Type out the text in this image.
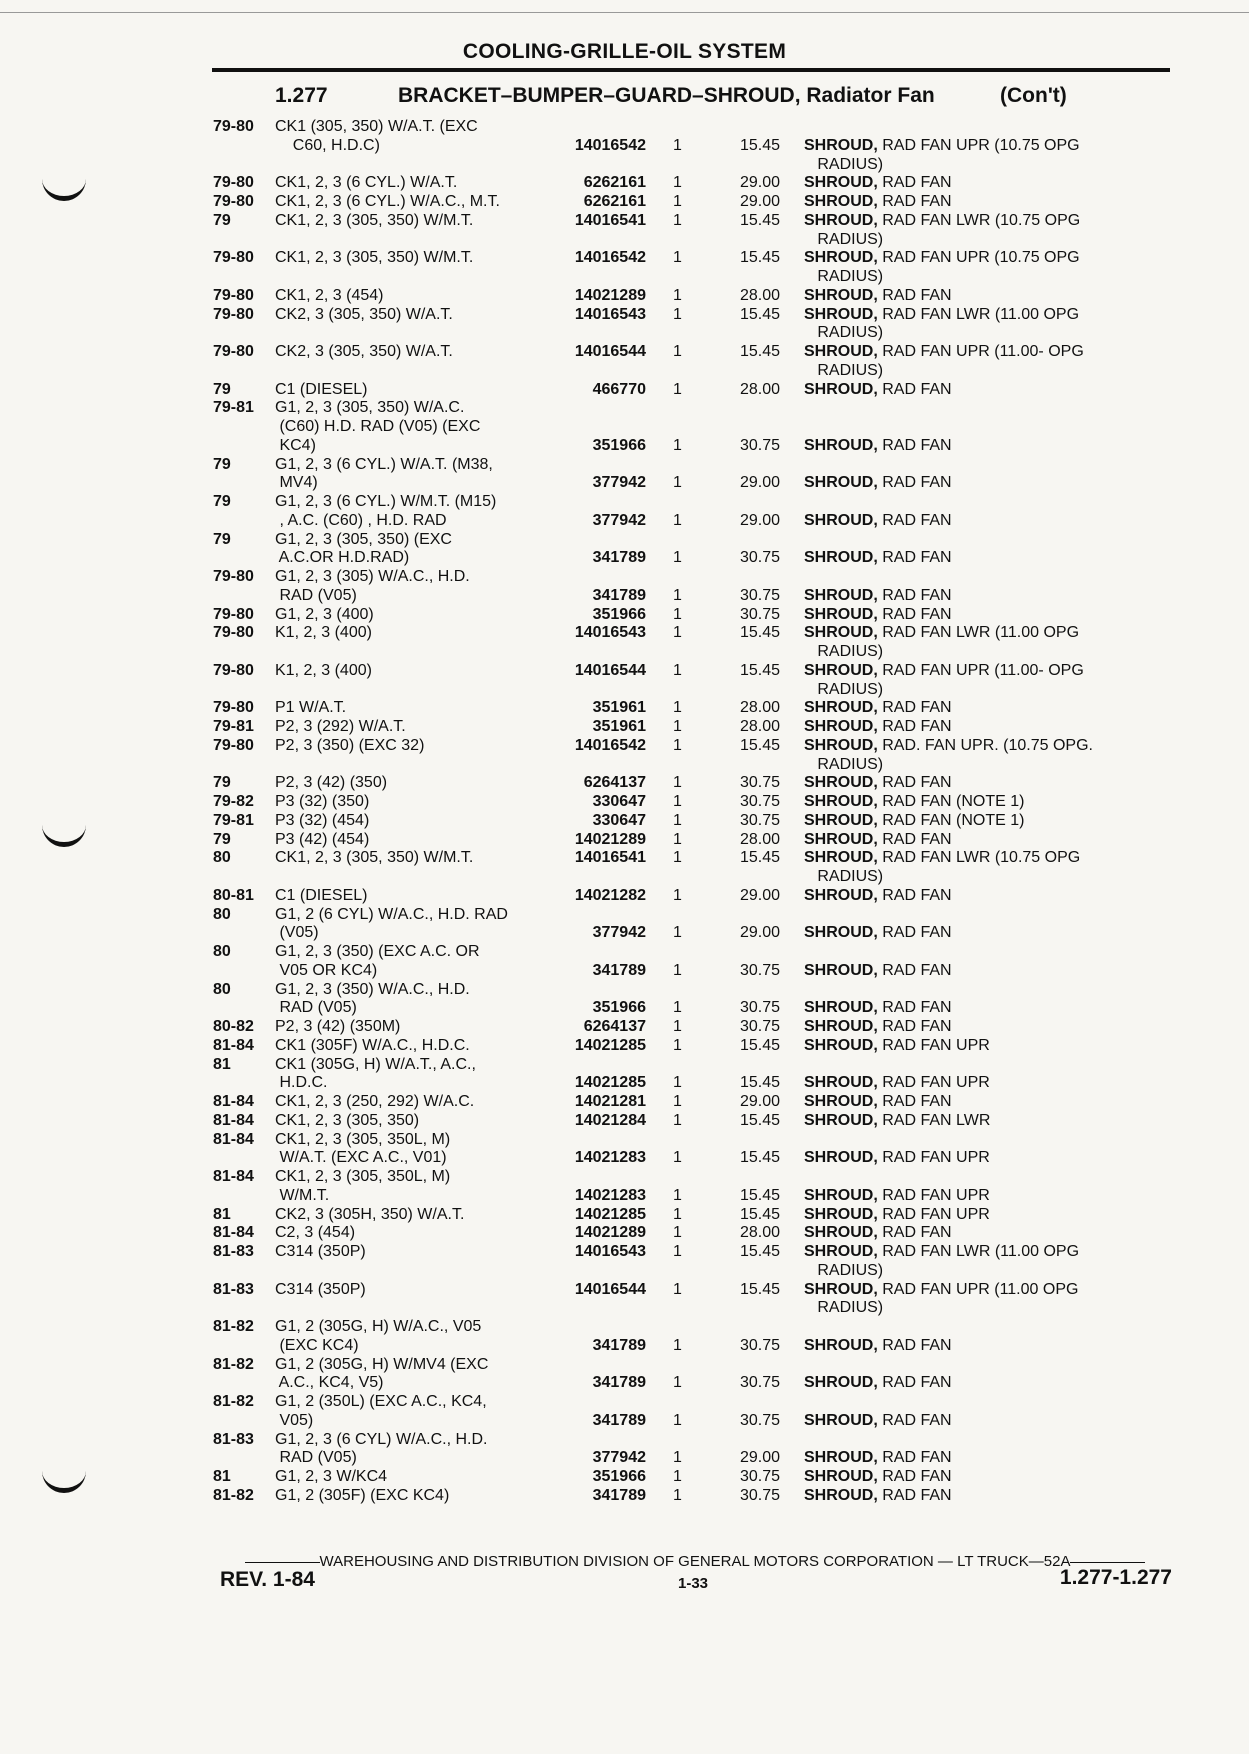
COOLING-GRILLE-OIL SYSTEM
1.277	BRACKET–BUMPER–GUARD–SHROUD, Radiator Fan	(Con't)
79-80 CK1 (305, 350) W/A.T. (EXC
C60, H.D.C)	14016542 1	15.45 SHROUD, RAD FAN UPR (10.75 OPG
RADIUS)
79-80 CK1, 2, 3 (6 CYL.) W/A.T.	6262161 1	29.00 SHROUD, RAD FAN
79-80 CK1, 2, 3 (6 CYL.) W/A.C., M.T.	6262161 1	29.00 SHROUD, RAD FAN
79	CK1, 2, 3 (305, 350) W/M.T.	14016541 1	15.45 SHROUD, RAD FAN LWR (10.75 OPG
RADIUS)
79-80 CK1, 2, 3 (305, 350) W/M.T.	14016542 1	15.45 SHROUD, RAD FAN UPR (10.75 OPG
RADIUS)
79-80 CK1, 2, 3 (454)	14021289 1	28.00 SHROUD, RAD FAN
79-80 CK2, 3 (305, 350) W/A.T.	14016543 1	15.45 SHROUD, RAD FAN LWR (11.00 OPG
RADIUS)
79-80 CK2, 3 (305, 350) W/A.T.	14016544 1	15.45 SHROUD, RAD FAN UPR (11.00- OPG
RADIUS)
79	C1 (DIESEL)	466770 1	28.00 SHROUD, RAD FAN
79-81 G1, 2, 3 (305, 350) W/A.C.
(C60) H.D. RAD (V05) (EXC
KC4)	351966 1	30.75 SHROUD, RAD FAN
79	G1, 2, 3 (6 CYL.) W/A.T. (M38,
MV4)	377942 1	29.00 SHROUD, RAD FAN
79	G1, 2, 3 (6 CYL.) W/M.T. (M15)
, A.C. (C60) , H.D. RAD	377942 1	29.00 SHROUD, RAD FAN
79	G1, 2, 3 (305, 350) (EXC
A.C.OR H.D.RAD)	341789 1	30.75 SHROUD, RAD FAN
79-80 G1, 2, 3 (305) W/A.C., H.D.
RAD (V05)	341789 1	30.75 SHROUD, RAD FAN
79-80 G1, 2, 3 (400)	351966 1	30.75 SHROUD, RAD FAN
79-80 K1, 2, 3 (400)	14016543 1	15.45 SHROUD, RAD FAN LWR (11.00 OPG
RADIUS)
79-80 K1, 2, 3 (400)	14016544 1	15.45 SHROUD, RAD FAN UPR (11.00- OPG
RADIUS)
79-80 P1 W/A.T.	351961 1	28.00 SHROUD, RAD FAN
79-81 P2, 3 (292) W/A.T.	351961 1	28.00 SHROUD, RAD FAN
79-80 P2, 3 (350) (EXC 32)	14016542 1	15.45 SHROUD, RAD. FAN UPR. (10.75 OPG.
RADIUS)
79	P2, 3 (42) (350)	6264137 1	30.75 SHROUD, RAD FAN
79-82 P3 (32) (350)	330647 1	30.75 SHROUD, RAD FAN (NOTE 1)
79-81 P3 (32) (454)	330647 1	30.75 SHROUD, RAD FAN (NOTE 1)
79	P3 (42) (454)	14021289 1	28.00 SHROUD, RAD FAN
80	CK1, 2, 3 (305, 350) W/M.T.	14016541 1	15.45 SHROUD, RAD FAN LWR (10.75 OPG
RADIUS)
80-81 C1 (DIESEL)	14021282 1	29.00 SHROUD, RAD FAN
80	G1, 2 (6 CYL) W/A.C., H.D. RAD
(V05)	377942 1	29.00 SHROUD, RAD FAN
80	G1, 2, 3 (350) (EXC A.C. OR
V05 OR KC4)	341789 1	30.75 SHROUD, RAD FAN
80	G1, 2, 3 (350) W/A.C., H.D.
RAD (V05)	351966 1	30.75 SHROUD, RAD FAN
80-82 P2, 3 (42) (350M)	6264137 1	30.75 SHROUD, RAD FAN
81-84 CK1 (305F) W/A.C., H.D.C.	14021285 1	15.45 SHROUD, RAD FAN UPR
81	CK1 (305G, H) W/A.T., A.C.,
H.D.C.	14021285 1	15.45 SHROUD, RAD FAN UPR
81-84 CK1, 2, 3 (250, 292) W/A.C.	14021281 1	29.00 SHROUD, RAD FAN
81-84 CK1, 2, 3 (305, 350)	14021284 1	15.45 SHROUD, RAD FAN LWR
81-84 CK1, 2, 3 (305, 350L, M)
W/A.T. (EXC A.C., V01)	14021283 1	15.45 SHROUD, RAD FAN UPR
81-84 CK1, 2, 3 (305, 350L, M)
W/M.T.	14021283 1	15.45 SHROUD, RAD FAN UPR
81	CK2, 3 (305H, 350) W/A.T.	14021285 1	15.45 SHROUD, RAD FAN UPR
81-84 C2, 3 (454)	14021289 1	28.00 SHROUD, RAD FAN
81-83 C314 (350P)	14016543 1	15.45 SHROUD, RAD FAN LWR (11.00 OPG
RADIUS)
81-83 C314 (350P)	14016544 1	15.45 SHROUD, RAD FAN UPR (11.00 OPG
RADIUS)
81-82 G1, 2 (305G, H) W/A.C., V05
(EXC KC4)	341789 1	30.75 SHROUD, RAD FAN
81-82 G1, 2 (305G, H) W/MV4 (EXC
A.C., KC4, V5)	341789 1	30.75 SHROUD, RAD FAN
81-82 G1, 2 (350L) (EXC A.C., KC4,
V05)	341789 1	30.75 SHROUD, RAD FAN
81-83 G1, 2, 3 (6 CYL) W/A.C., H.D.
RAD (V05)	377942 1	29.00 SHROUD, RAD FAN
81	G1, 2, 3 W/KC4	351966 1	30.75 SHROUD, RAD FAN
81-82 G1, 2 (305F) (EXC KC4)	341789 1	30.75 SHROUD, RAD FAN
WAREHOUSING AND DISTRIBUTION DIVISION OF GENERAL MOTORS CORPORATION — LT TRUCK—52A
REV. 1-84	1-33	1.277-1.277
